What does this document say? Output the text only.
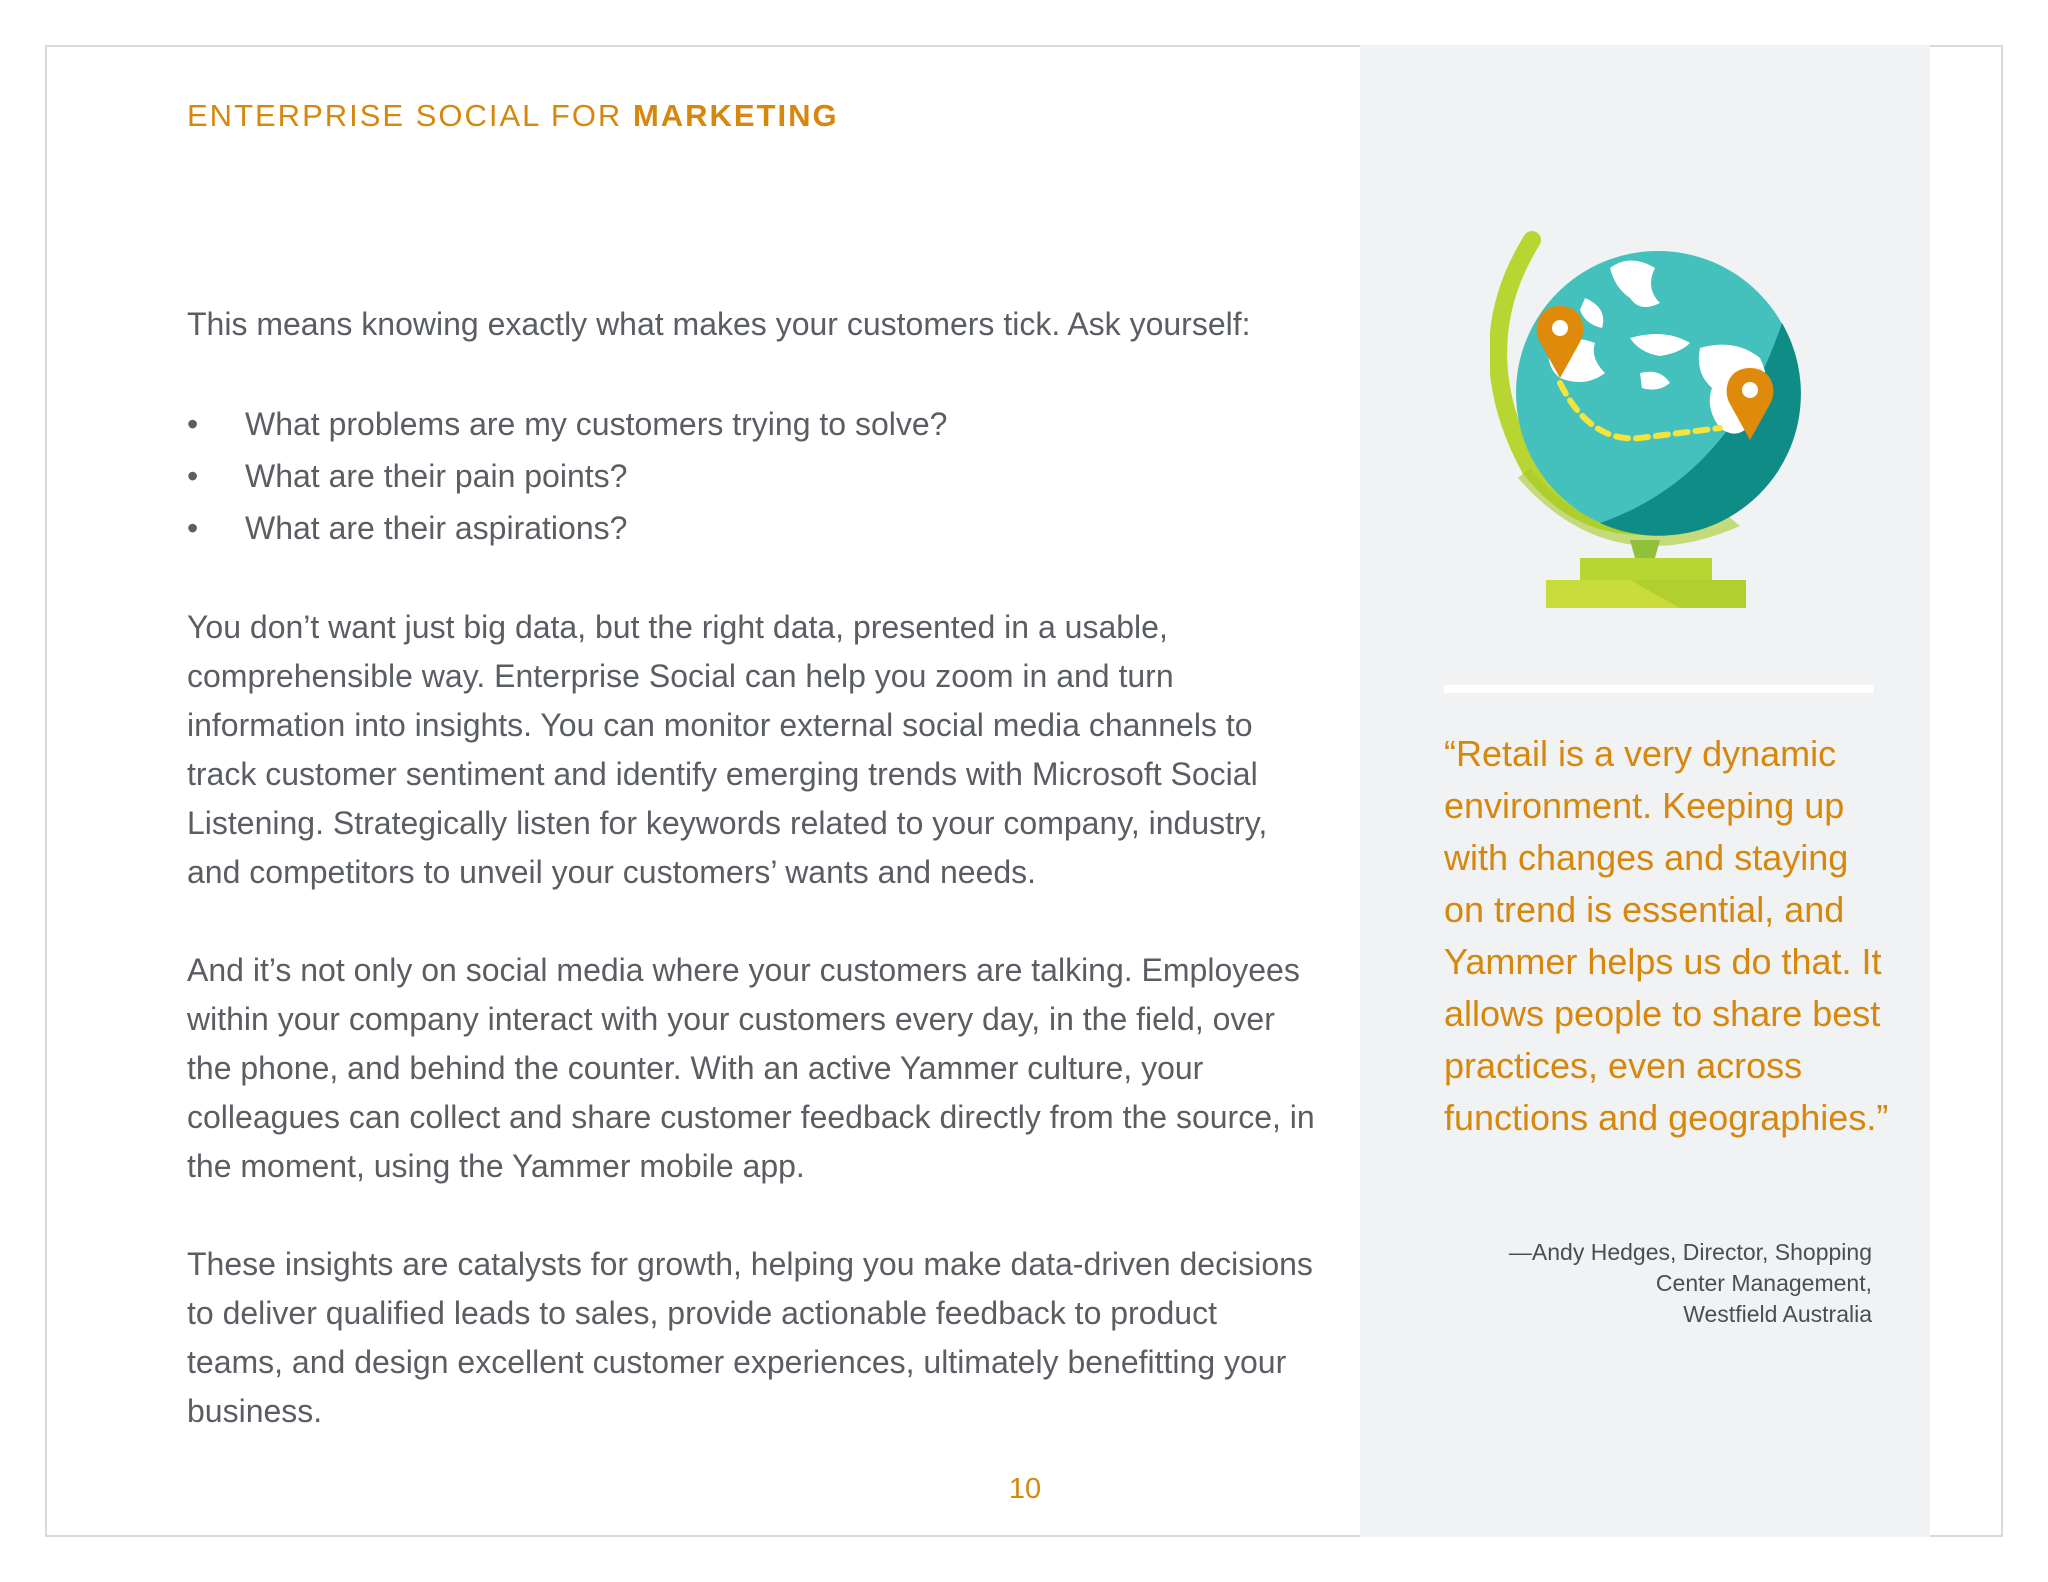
ENTERPRISE SOCIAL FOR MARKETING

This means knowing exactly what makes your customers tick. Ask yourself:

• What problems are my customers trying to solve?
• What are their pain points?
• What are their aspirations?

You don’t want just big data, but the right data, presented in a usable, comprehensible way. Enterprise Social can help you zoom in and turn information into insights. You can monitor external social media channels to track customer sentiment and identify emerging trends with Microsoft Social Listening. Strategically listen for keywords related to your company, industry, and competitors to unveil your customers’ wants and needs.

And it’s not only on social media where your customers are talking. Employees within your company interact with your customers every day, in the field, over the phone, and behind the counter. With an active Yammer culture, your colleagues can collect and share customer feedback directly from the source, in the moment, using the Yammer mobile app.

These insights are catalysts for growth, helping you make data-driven decisions to deliver qualified leads to sales, provide actionable feedback to product teams, and design excellent customer experiences, ultimately benefitting your business.

10
“Retail is a very dynamic environment. Keeping up with changes and staying on trend is essential, and Yammer helps us do that. It allows people to share best practices, even across functions and geographies.”
—Andy Hedges, Director, Shopping
Center Management,
Westfield Australia
